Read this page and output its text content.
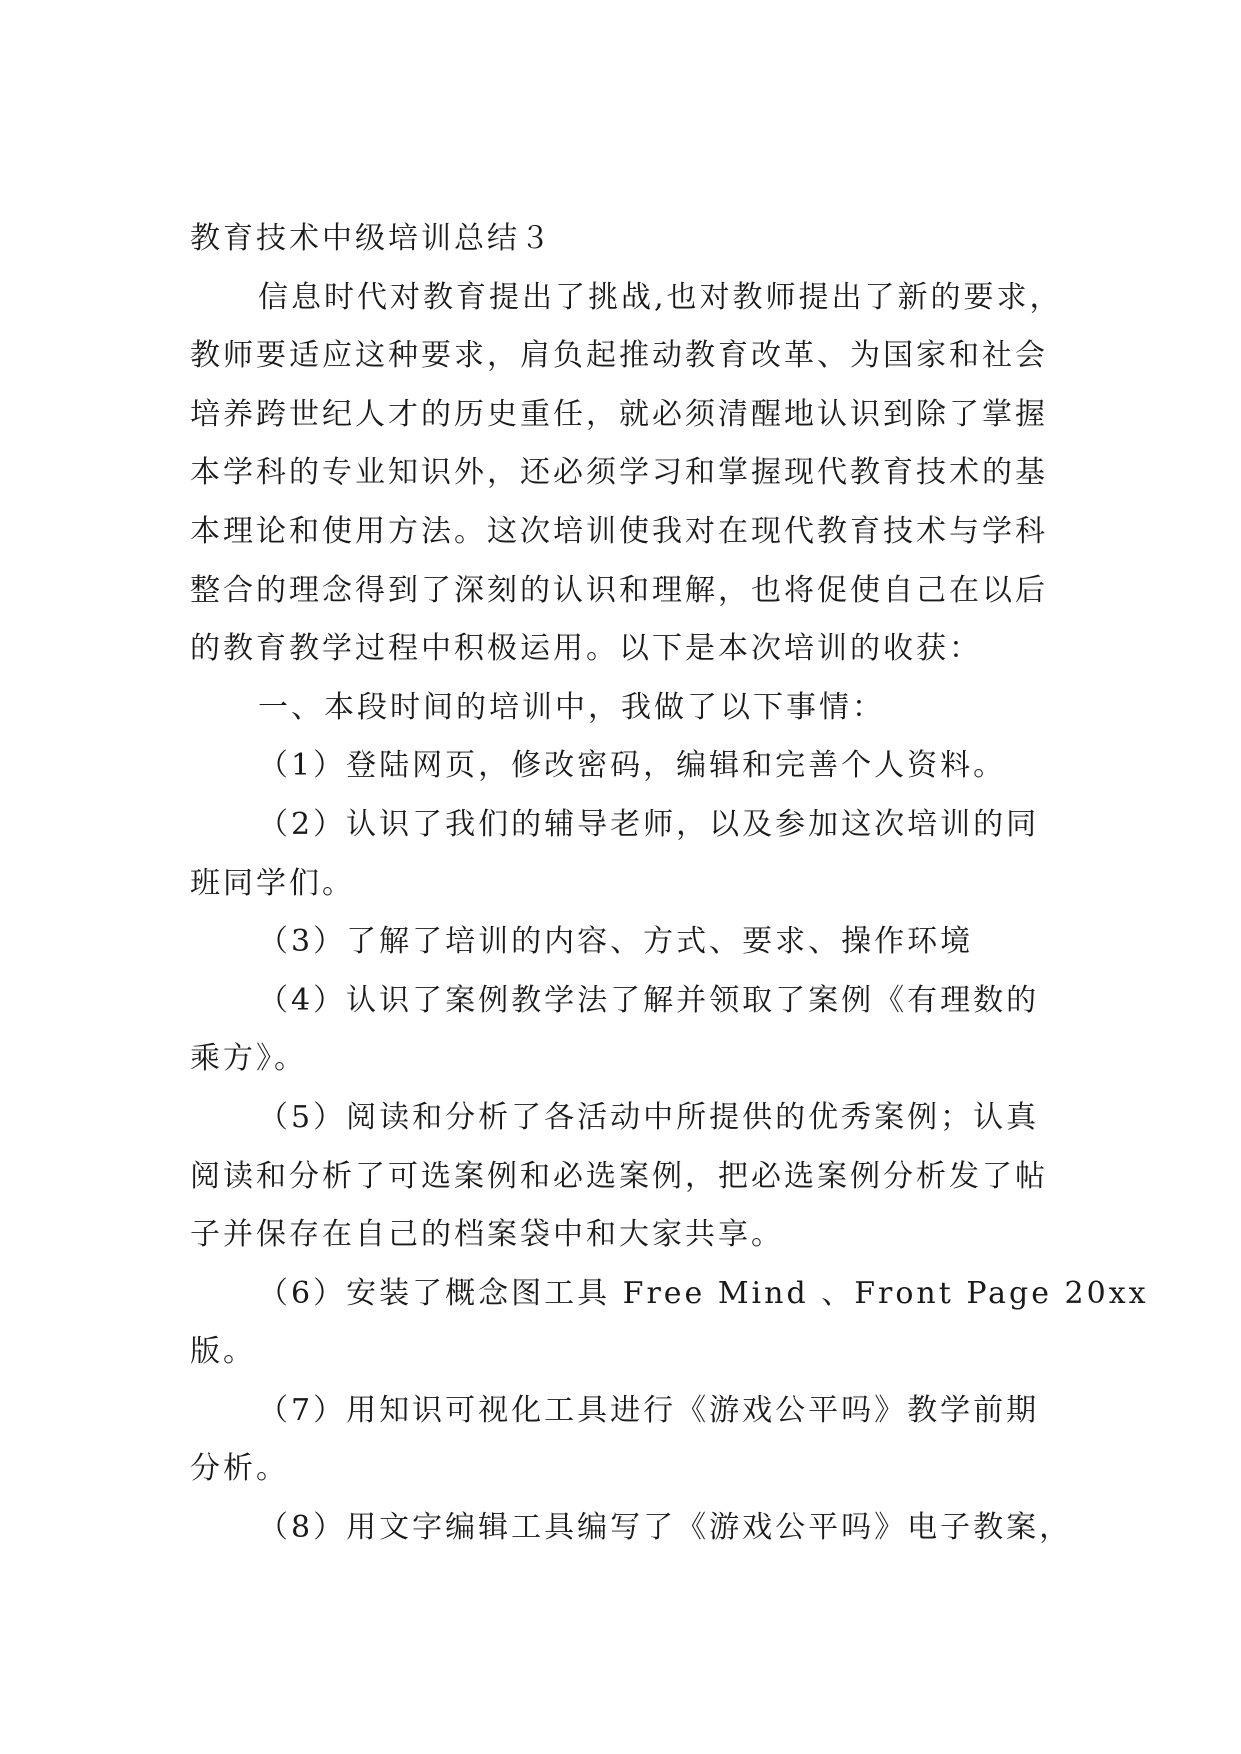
教育技术中级培训总结３
信息时代对教育提出了挑战,也对教师提出了新的要求，
教师要适应这种要求，肩负起推动教育改革、为国家和社会
培养跨世纪人才的历史重任，就必须清醒地认识到除了掌握
本学科的专业知识外，还必须学习和掌握现代教育技术的基
本理论和使用方法。这次培训使我对在现代教育技术与学科
整合的理念得到了深刻的认识和理解，也将促使自己在以后
的教育教学过程中积极运用。以下是本次培训的收获：
一、本段时间的培训中，我做了以下事情：
（1）登陆网页，修改密码，编辑和完善个人资料。
（2）认识了我们的辅导老师，以及参加这次培训的同
班同学们。
（3）了解了培训的内容、方式、要求、操作环境
（4）认识了案例教学法了解并领取了案例《有理数的
乘方》。
（5）阅读和分析了各活动中所提供的优秀案例；认真
阅读和分析了可选案例和必选案例，把必选案例分析发了帖
子并保存在自己的档案袋中和大家共享。
（6）安装了概念图工具 Free Mind 、Front Page 20xx
版。
（7）用知识可视化工具进行《游戏公平吗》教学前期
分析。
（8）用文字编辑工具编写了《游戏公平吗》电子教案，
